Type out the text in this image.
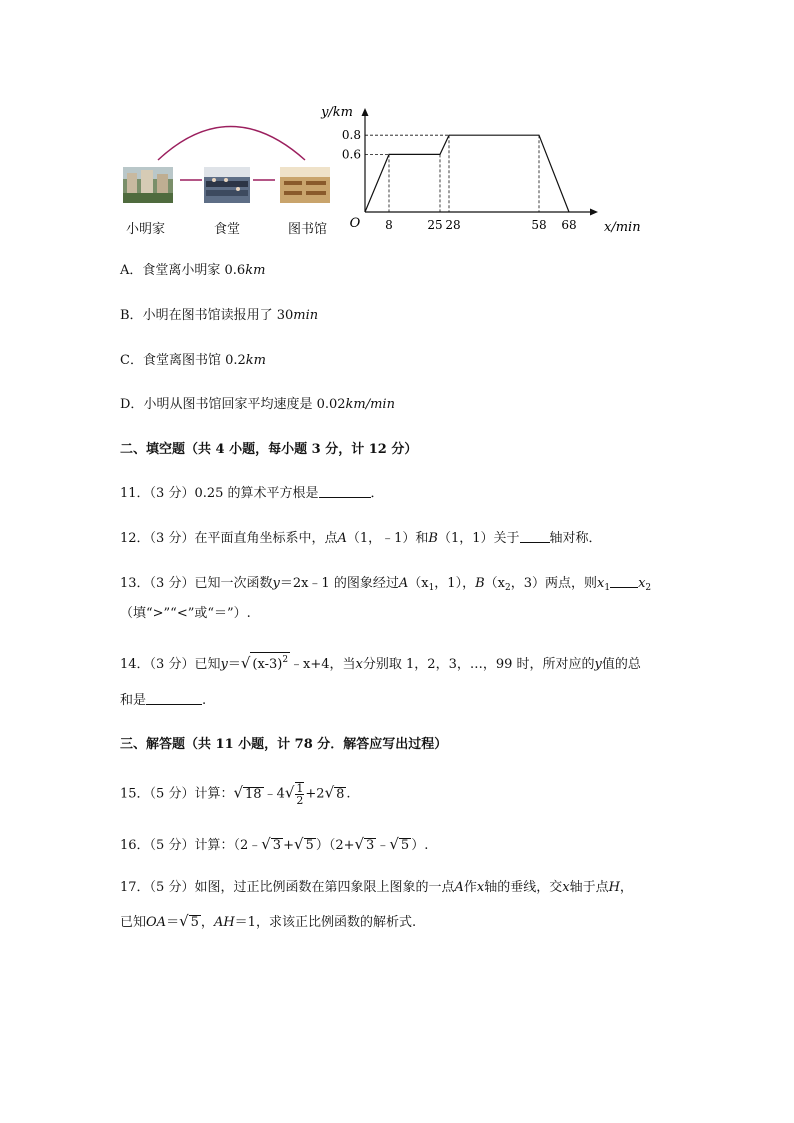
小明家	食堂	图书馆	8	25 28	58 68
0.6
0.8
O	x/min
y/km
A．食堂离小明家 0.6km
B．小明在图书馆读报用了 30min
C．食堂离图书馆 0.2km
D．小明从图书馆回家平均速度是 0.02km/min
二、填空题（共 4 小题，每小题 3 分，计 12 分）
11．（3 分）0.25 的算术平方根是	．
12．（3 分）在平面直角坐标系中，点A（1，﹣1）和B（1，1）关于 轴对称．
13．（3 分）已知一次函数y＝2x﹣1 的图象经过$A(x_1$，1），$B(x_2$，3）两点，则$x_1$ $x_2$
（填“>”“<”或“＝”）.
14．（3 分）已知y＝√ $(x-3)^2$ ﹣x+4，当x分别取 1，2，3，…，99 时，所对应的y值的总
和是	.
三、解答题（共 11 小题，计 78 分．解答应写出过程）
15．（5 分）计算：√ 18 ﹣4√ $\frac{1}{2} +2√$ 8 .
16．（5 分）计算：（2﹣√ 3 +√ 5 ）（2+√ 3 ﹣√ 5 ）.
17．（5 分）如图，过正比例函数在第四象限上图象的一点A作x轴的垂线，交x轴于点H，
已知OA＝√ 5 ，AH＝1，求该正比例函数的解析式.
